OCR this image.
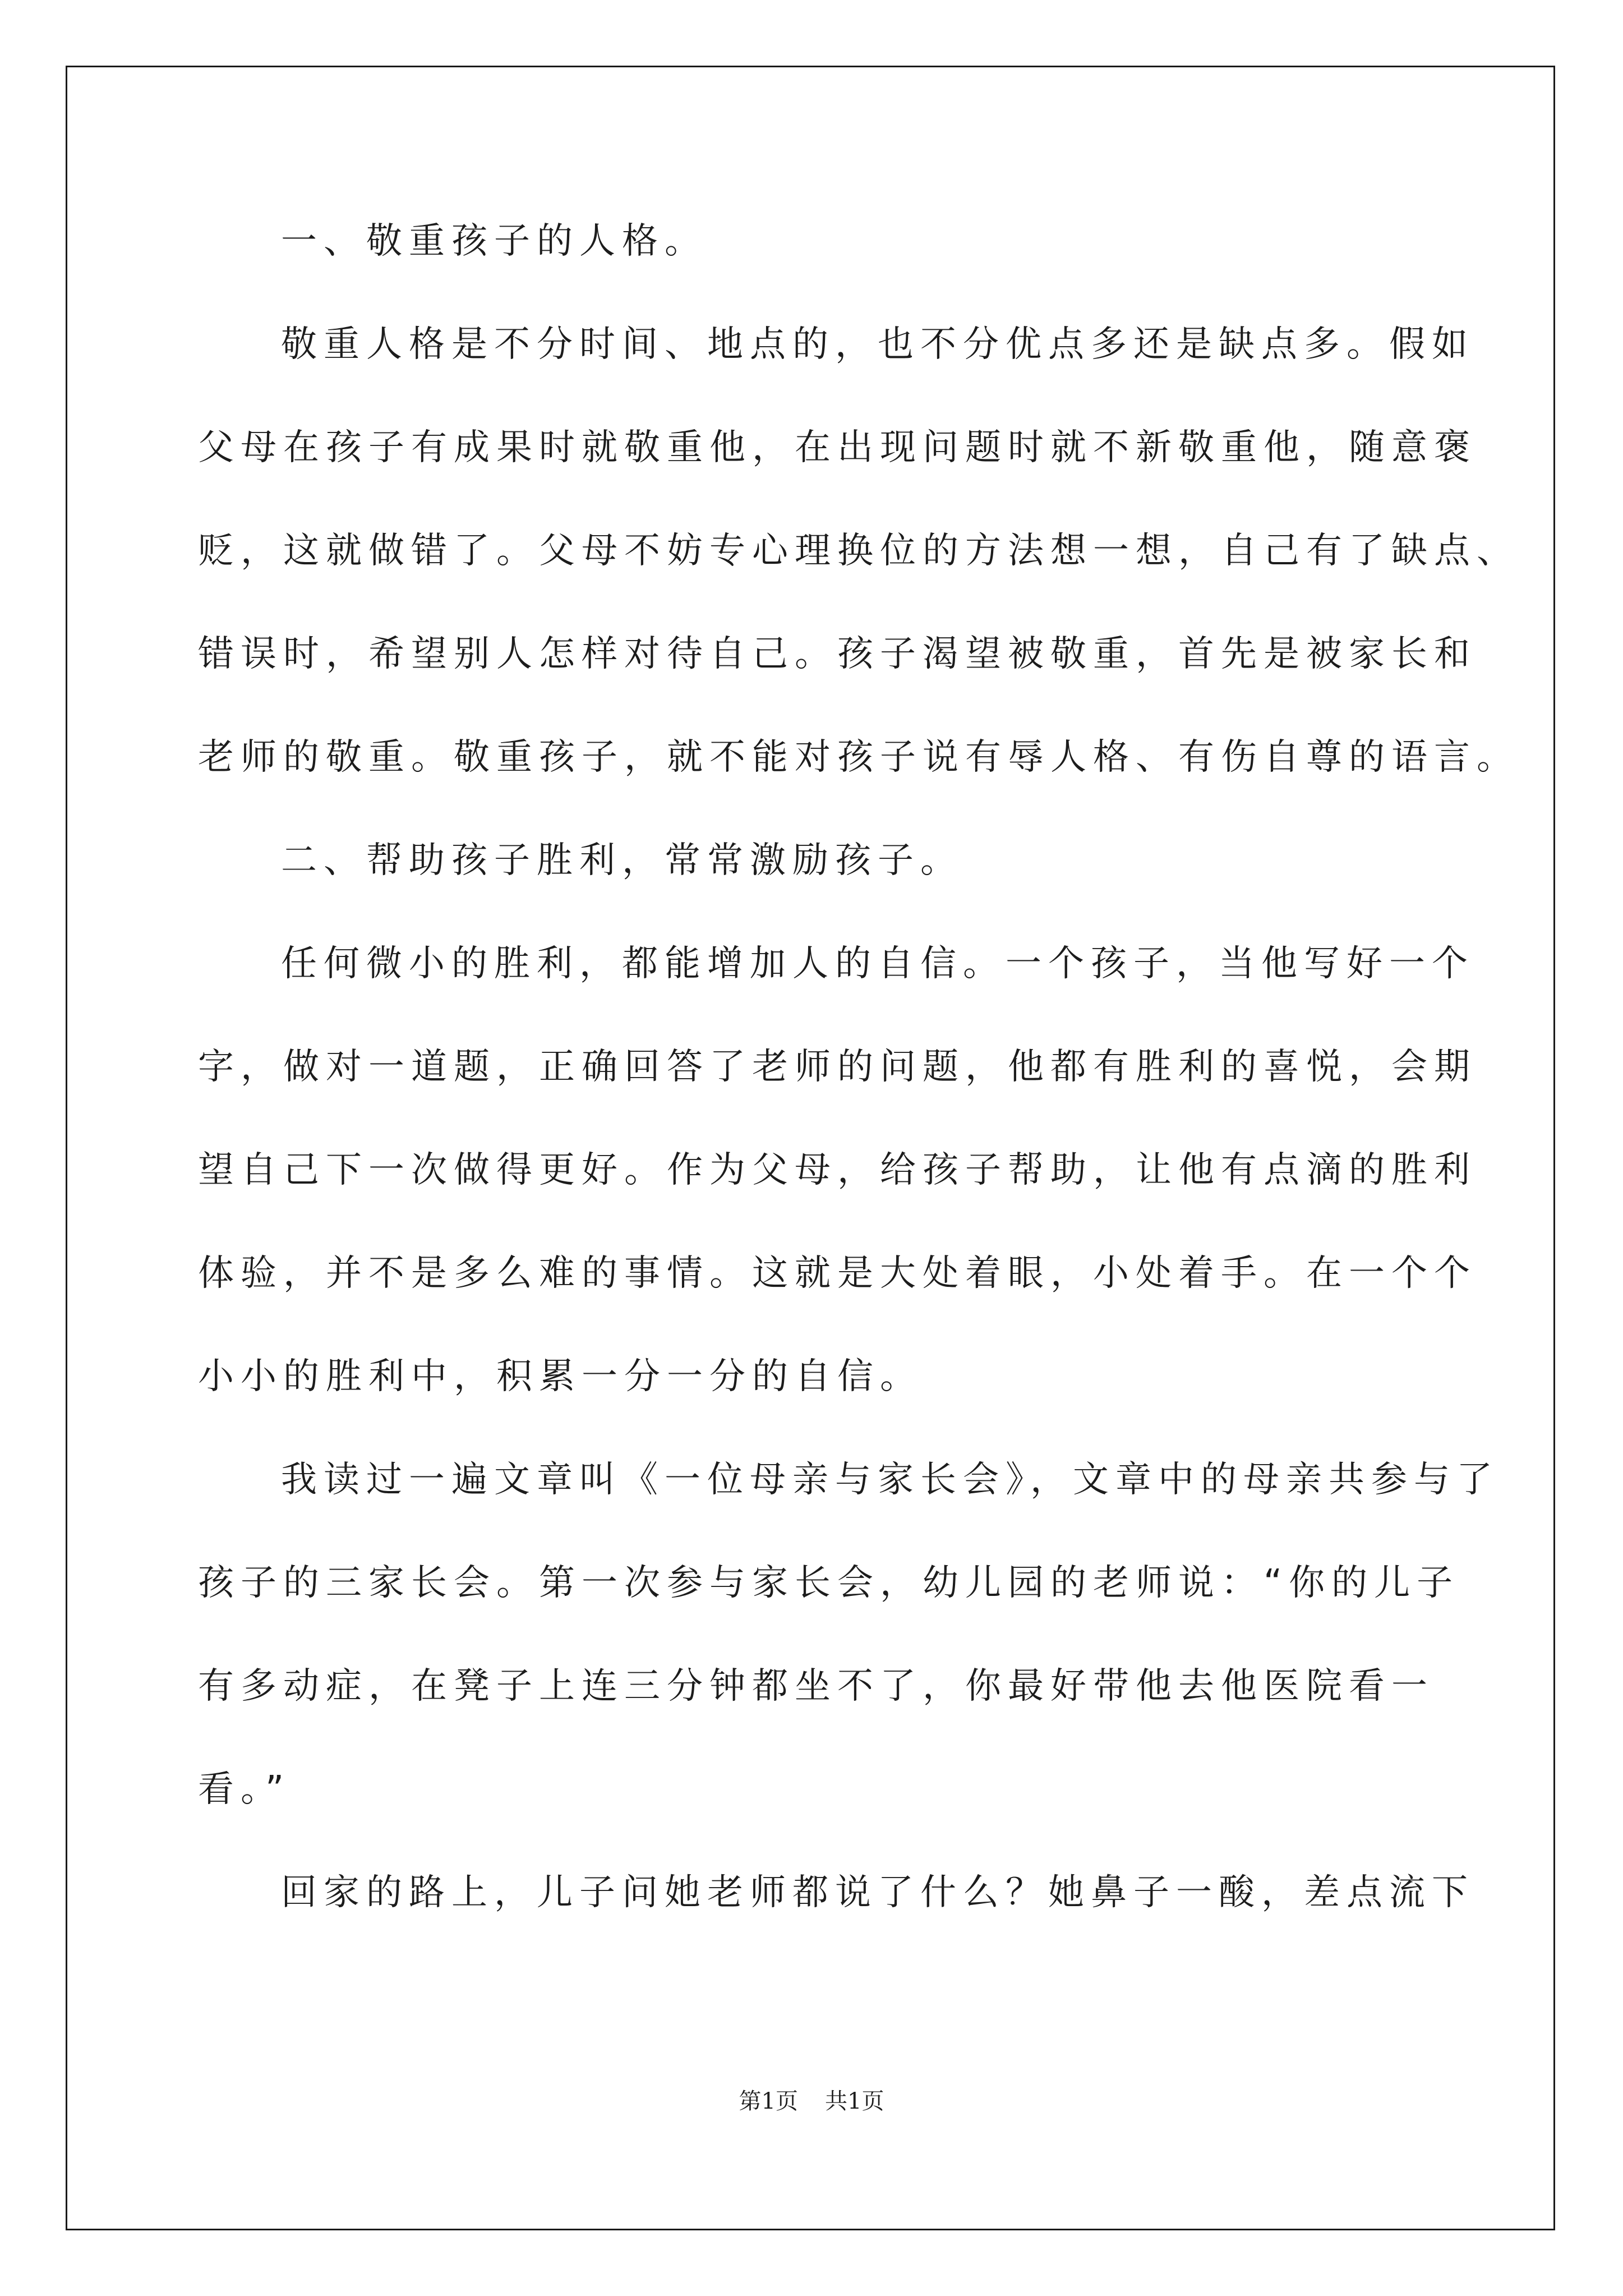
一、敬重孩子的人格。
敬重人格是不分时间、地点的，也不分优点多还是缺点多。假如
父母在孩子有成果时就敬重他，在出现问题时就不新敬重他，随意褒
贬，这就做错了。父母不妨专心理换位的方法想一想，自己有了缺点、
错误时，希望别人怎样对待自己。孩子渴望被敬重，首先是被家长和
老师的敬重。敬重孩子，就不能对孩子说有辱人格、有伤自尊的语言。
二、帮助孩子胜利，常常激励孩子。
任何微小的胜利，都能增加人的自信。一个孩子，当他写好一个
字，做对一道题，正确回答了老师的问题，他都有胜利的喜悦，会期
望自己下一次做得更好。作为父母，给孩子帮助，让他有点滴的胜利
体验，并不是多么难的事情。这就是大处着眼，小处着手。在一个个
小小的胜利中，积累一分一分的自信。
我读过一遍文章叫《一位母亲与家长会》，文章中的母亲共参与了
孩子的三家长会。第一次参与家长会，幼儿园的老师说：“你的儿子
有多动症，在凳子上连三分钟都坐不了，你最好带他去他医院看一
看。”
回家的路上，儿子问她老师都说了什么？她鼻子一酸，差点流下
第1页 共1页
